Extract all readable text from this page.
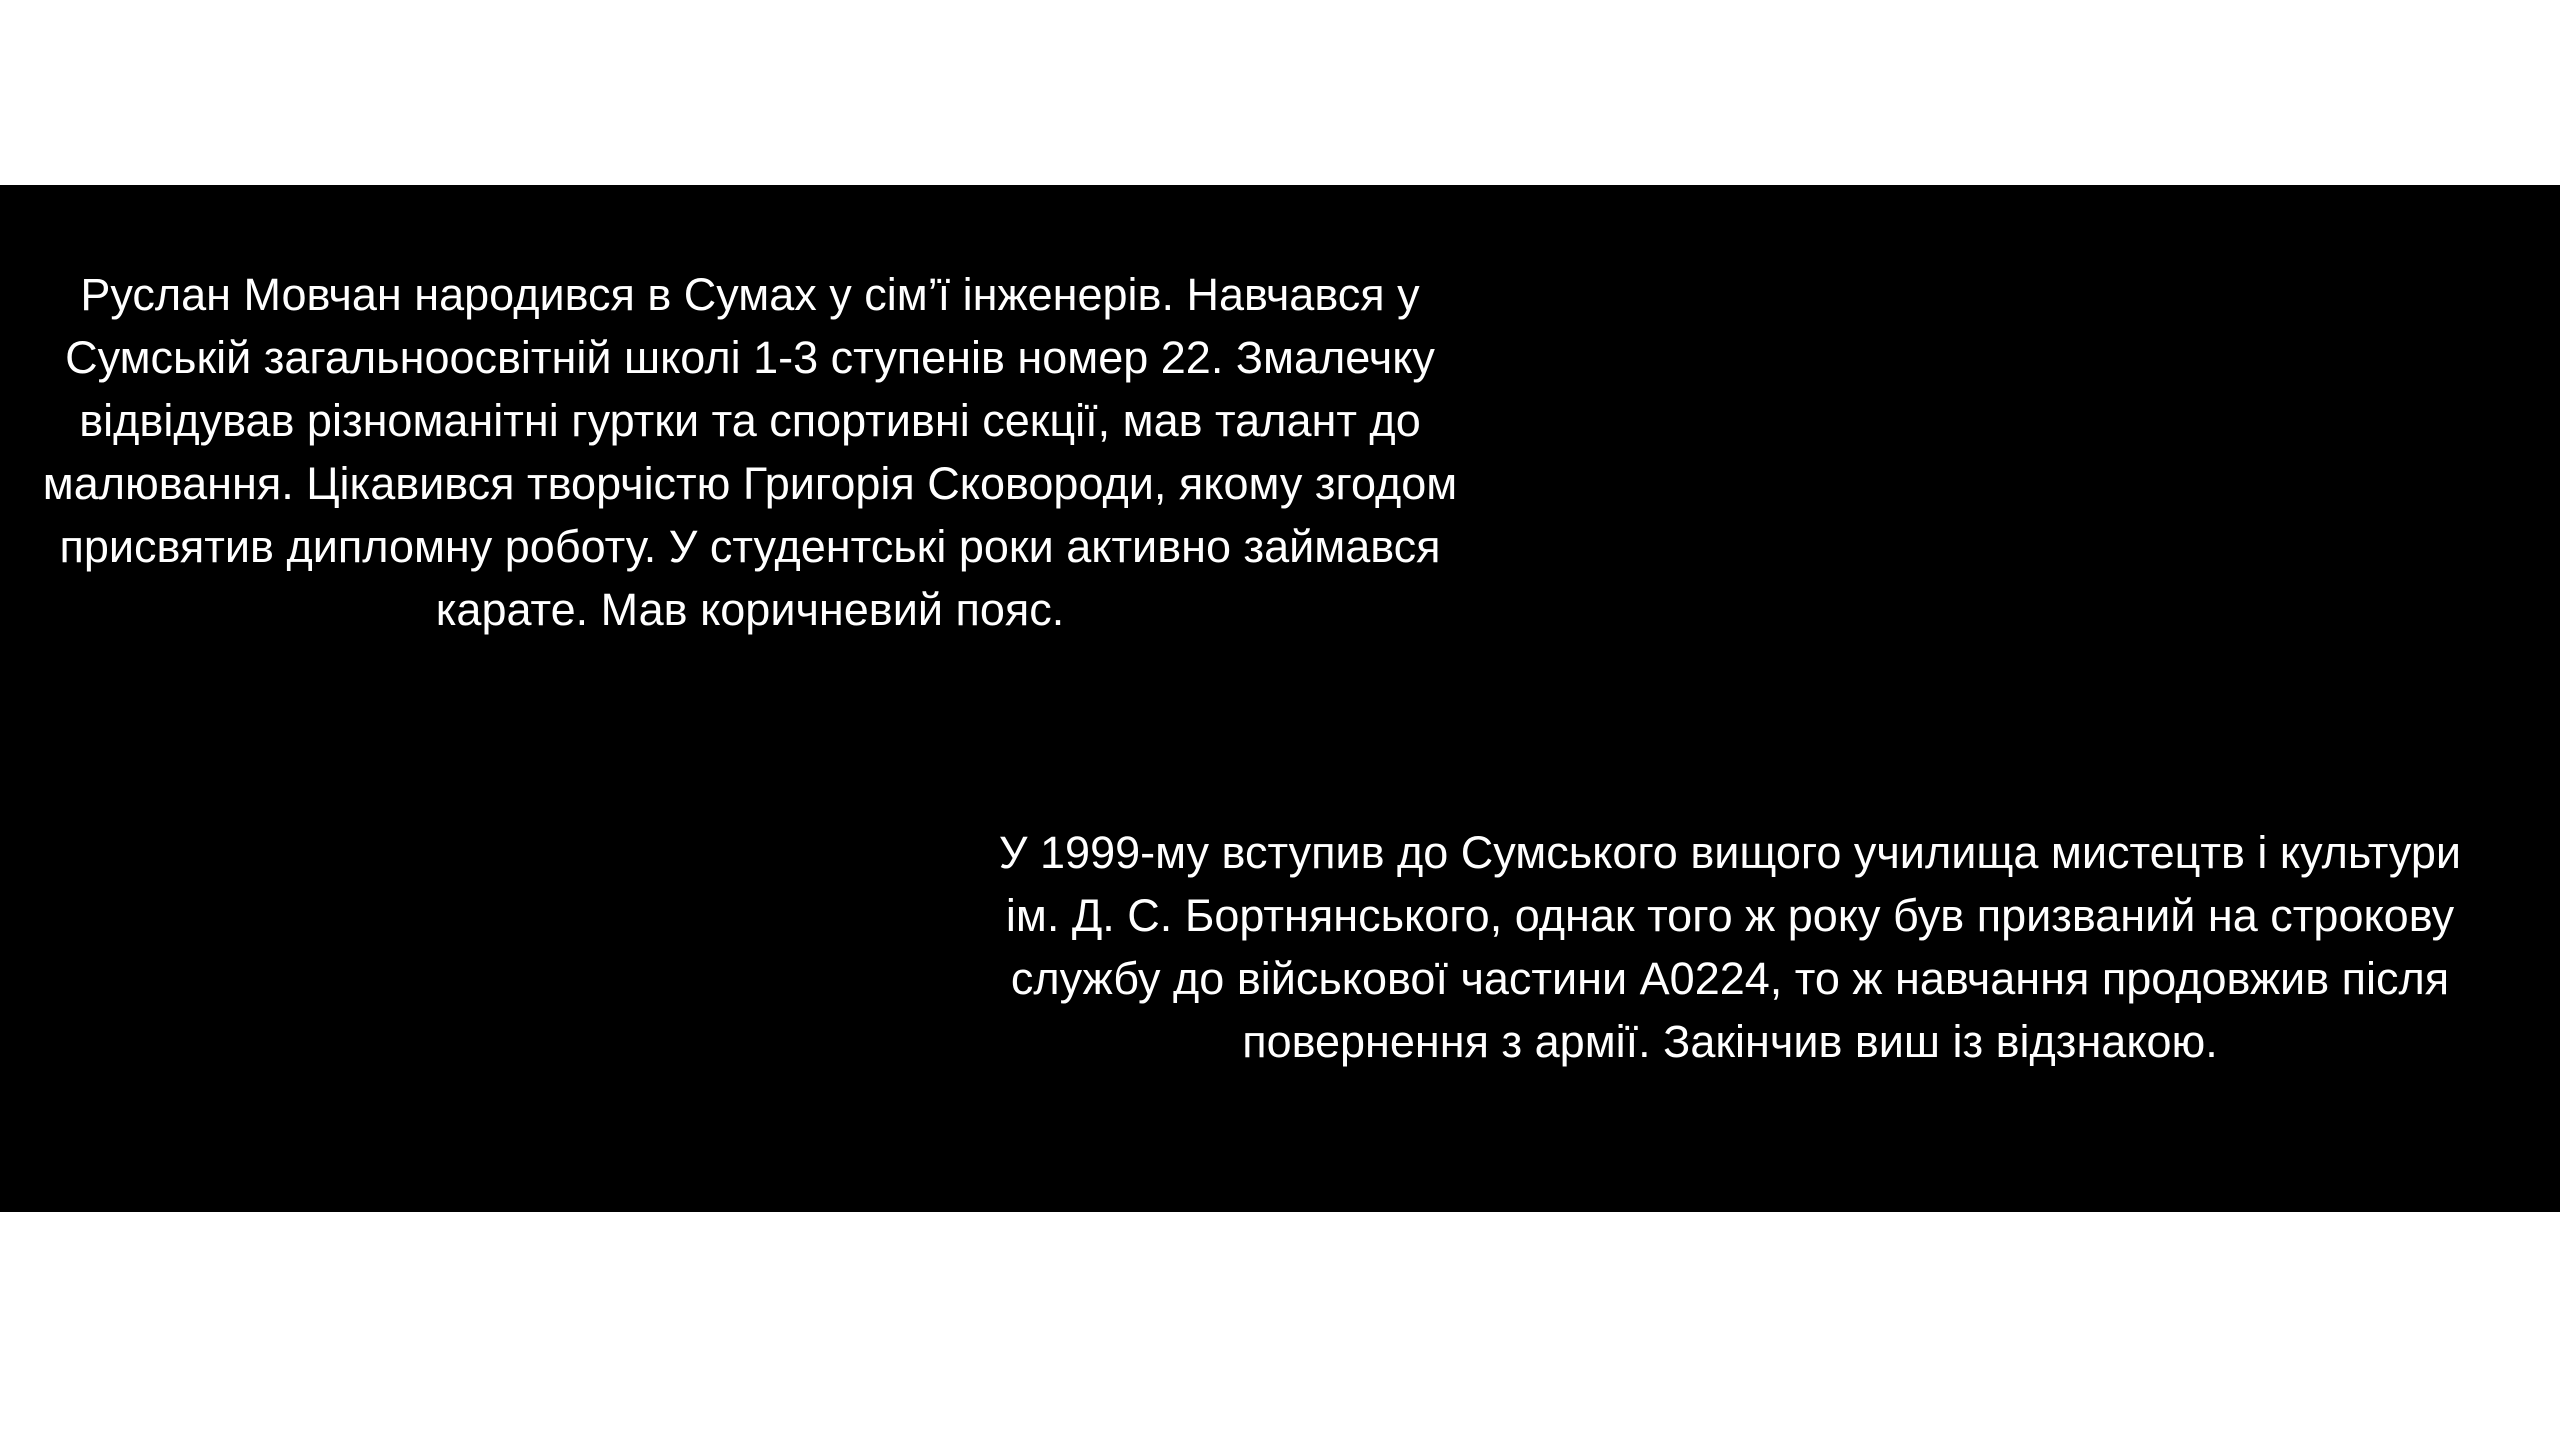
Руслан Мовчан народився в Сумах у сім’ї інженерів. Навчався у
Сумській загальноосвітній школі 1-3 ступенів номер 22. Змалечку
відвідував різноманітні гуртки та спортивні секції, мав талант до
малювання. Цікавився творчістю Григорія Сковороди, якому згодом
присвятив дипломну роботу. У студентські роки активно займався
карате. Мав коричневий пояс.

У 1999-му вступив до Сумського вищого училища мистецтв і культури
ім. Д. С. Бортнянського, однак того ж року був призваний на строкову
службу до військової частини А0224, то ж навчання продовжив після
повернення з армії. Закінчив виш із відзнакою.
